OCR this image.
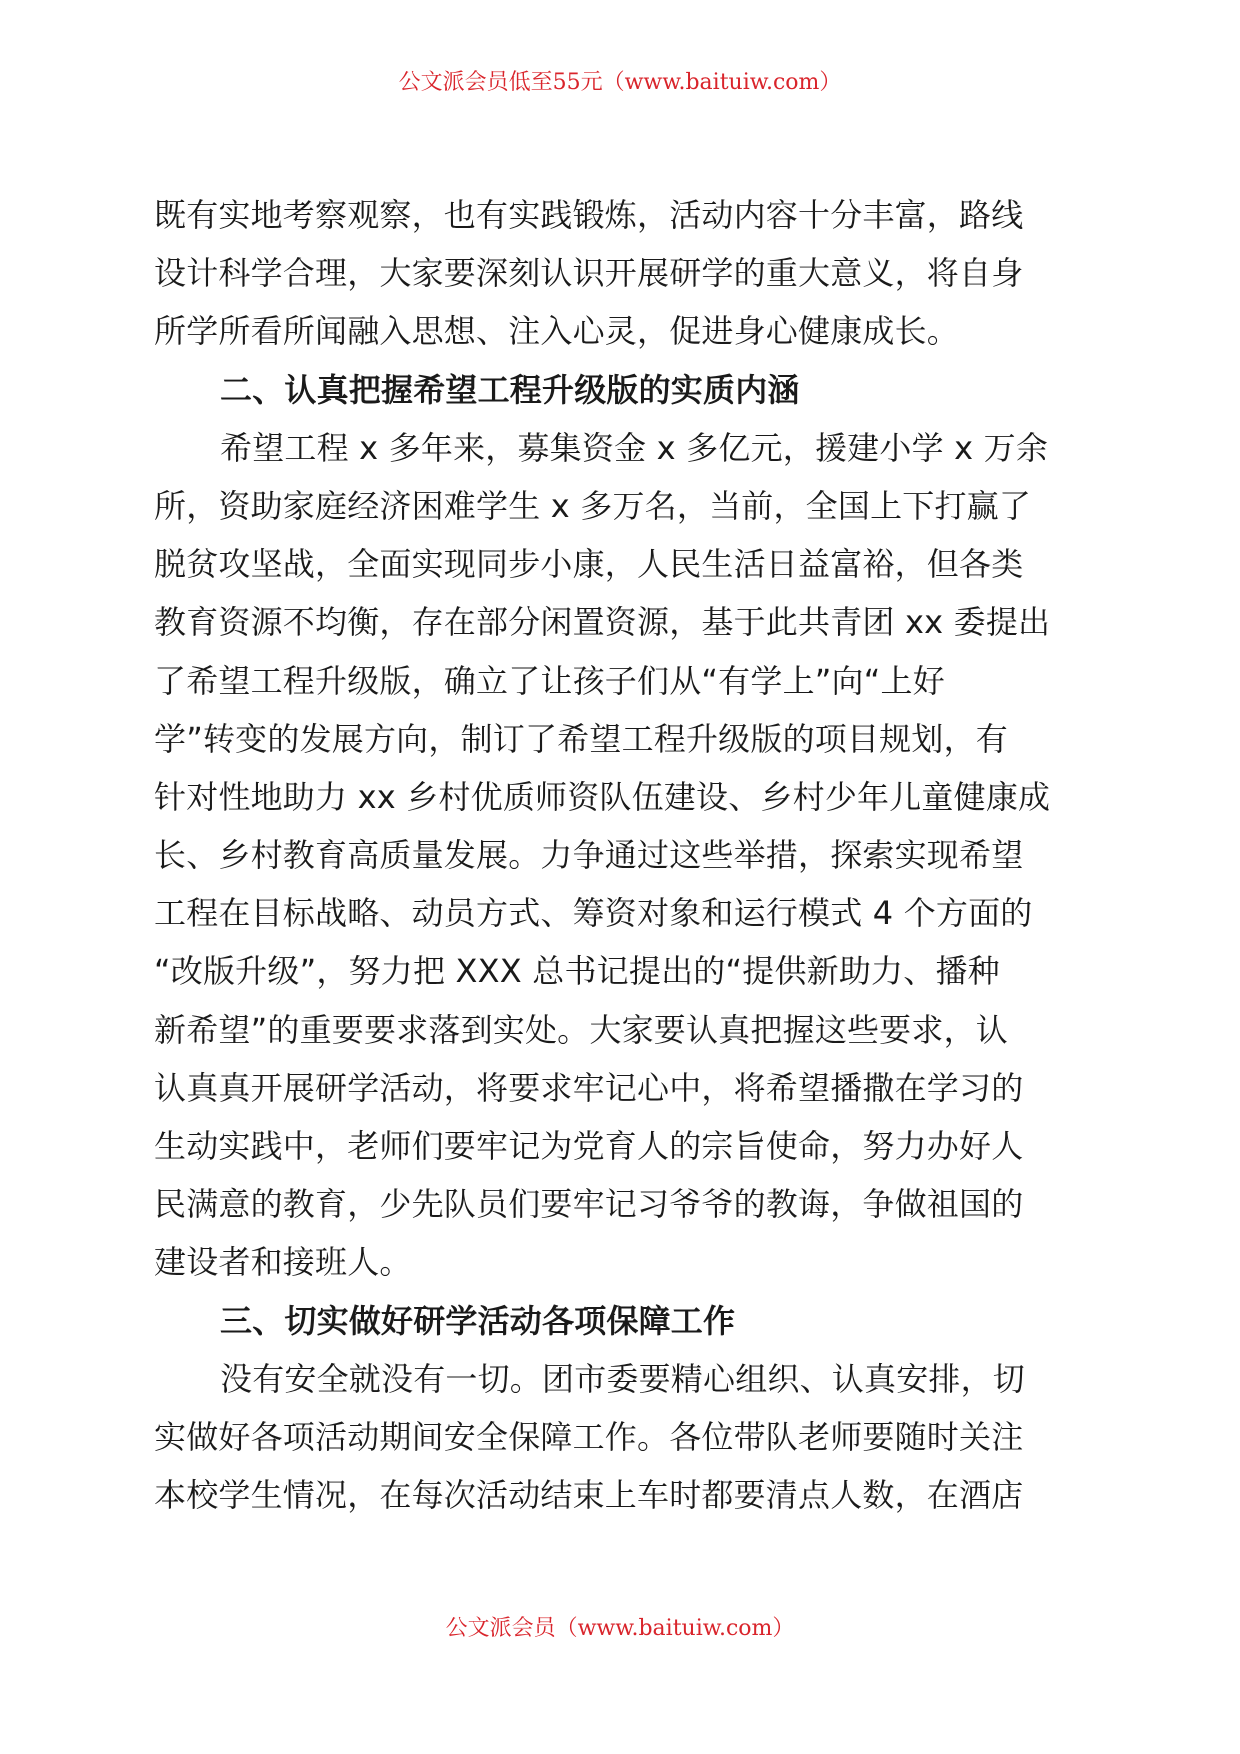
公文派会员低至55元（www.baituiw.com）
既有实地考察观察，也有实践锻炼，活动内容十分丰富，路线
设计科学合理，大家要深刻认识开展研学的重大意义，将自身
所学所看所闻融入思想、注入心灵，促进身心健康成长。
二、认真把握希望工程升级版的实质内涵
希望工程 x 多年来，募集资金 x 多亿元，援建小学 x 万余
所，资助家庭经济困难学生 x 多万名，当前，全国上下打赢了
脱贫攻坚战，全面实现同步小康，人民生活日益富裕，但各类
教育资源不均衡，存在部分闲置资源，基于此共青团 xx 委提出
了希望工程升级版，确立了让孩子们从“有学上”向“上好
学”转变的发展方向，制订了希望工程升级版的项目规划，有
针对性地助力 xx 乡村优质师资队伍建设、乡村少年儿童健康成
长、乡村教育高质量发展。力争通过这些举措，探索实现希望
工程在目标战略、动员方式、筹资对象和运行模式 4 个方面的
“改版升级”，努力把 XXX 总书记提出的“提供新助力、播种
新希望”的重要要求落到实处。大家要认真把握这些要求，认
认真真开展研学活动，将要求牢记心中，将希望播撒在学习的
生动实践中，老师们要牢记为党育人的宗旨使命，努力办好人
民满意的教育，少先队员们要牢记习爷爷的教诲，争做祖国的
建设者和接班人。
三、切实做好研学活动各项保障工作
没有安全就没有一切。团市委要精心组织、认真安排，切
实做好各项活动期间安全保障工作。各位带队老师要随时关注
本校学生情况，在每次活动结束上车时都要清点人数，在酒店
公文派会员（www.baituiw.com）
